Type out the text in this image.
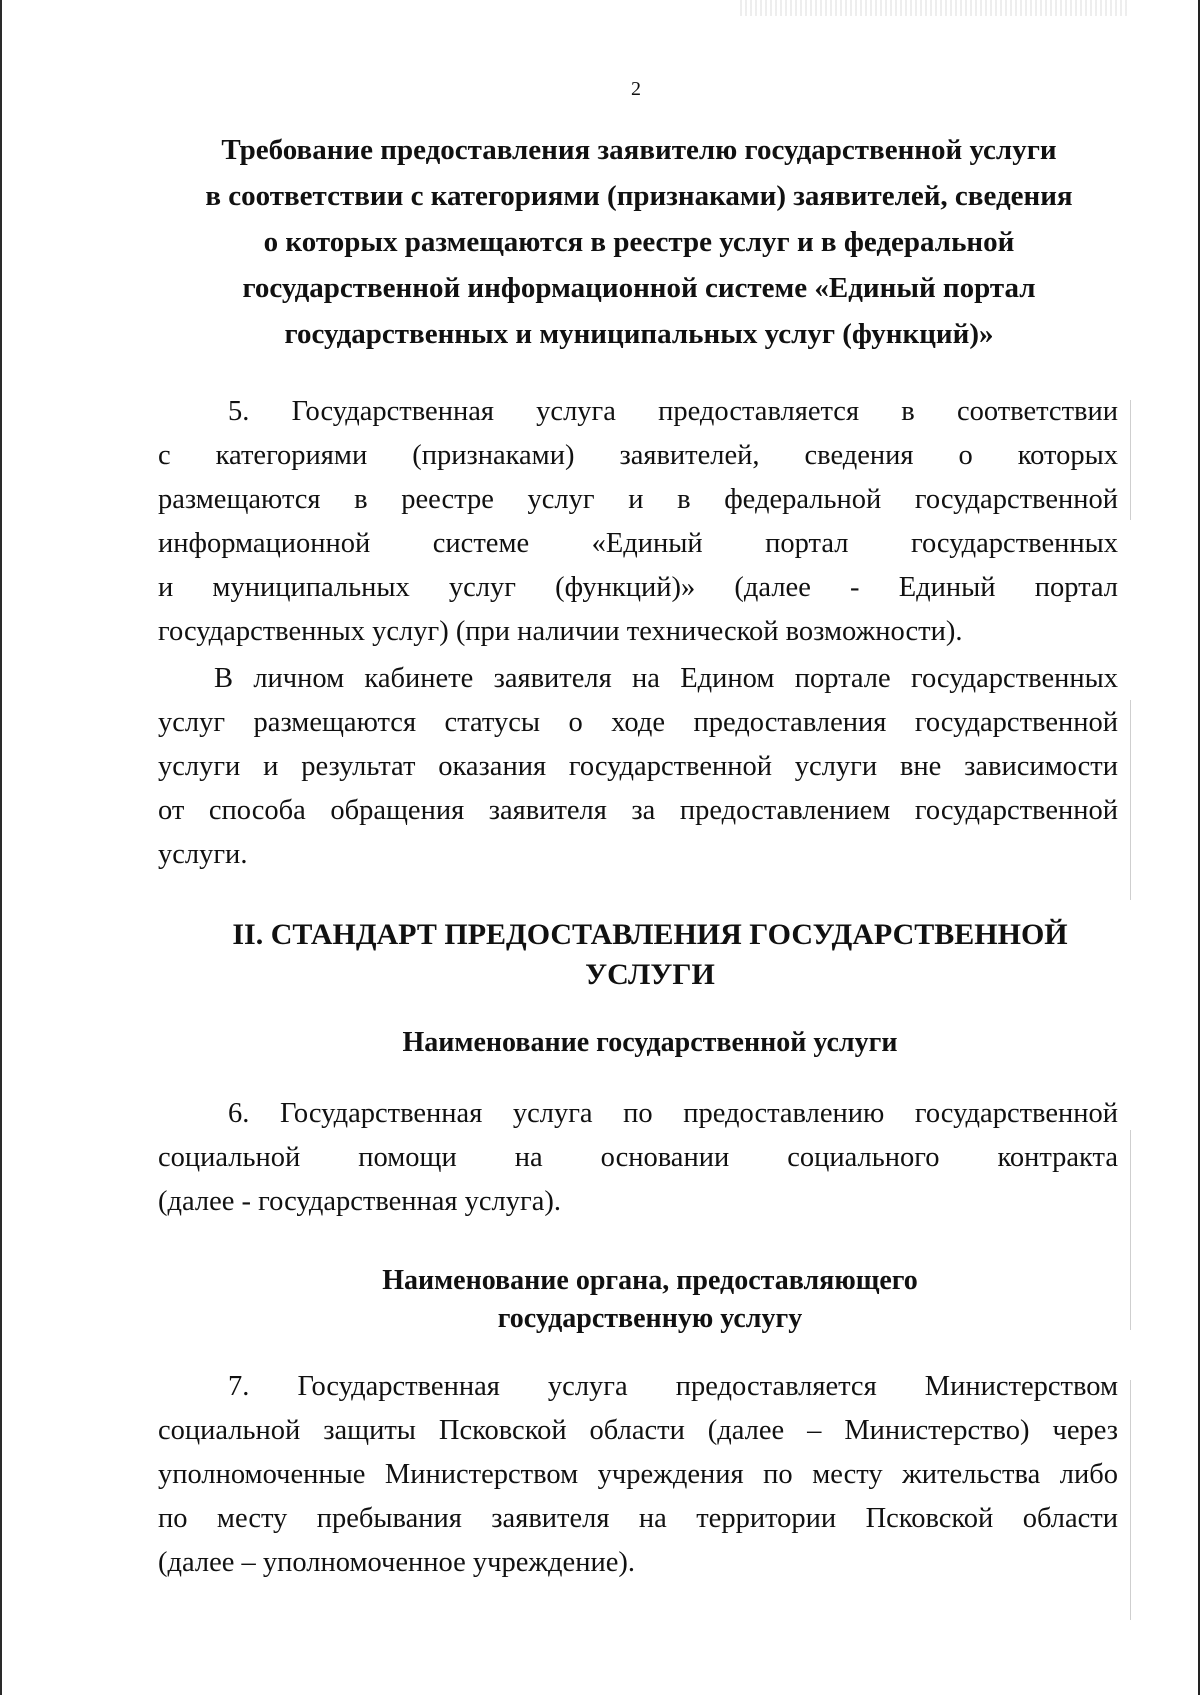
2
Требование предоставления заявителю государственной услуги
в соответствии с категориями (признаками) заявителей, сведения
о которых размещаются в реестре услуг и в федеральной
государственной информационной системе «Единый портал
государственных и муниципальных услуг (функций)»
5. Государственная услуга предоставляется в соответствии
с категориями (признаками) заявителей, сведения о которых
размещаются в реестре услуг и в федеральной государственной
информационной системе «Единый портал государственных
и муниципальных услуг (функций)» (далее - Единый портал
государственных услуг) (при наличии технической возможности).
В личном кабинете заявителя на Едином портале государственных
услуг размещаются статусы о ходе предоставления государственной
услуги и результат оказания государственной услуги вне зависимости
от способа обращения заявителя за предоставлением государственной
услуги.
II. СТАНДАРТ ПРЕДОСТАВЛЕНИЯ ГОСУДАРСТВЕННОЙ
УСЛУГИ
Наименование государственной услуги
6. Государственная услуга по предоставлению государственной
социальной помощи на основании социального контракта
(далее - государственная услуга).
Наименование органа, предоставляющего
государственную услугу
7. Государственная услуга предоставляется Министерством
социальной защиты Псковской области (далее – Министерство) через
уполномоченные Министерством учреждения по месту жительства либо
по месту пребывания заявителя на территории Псковской области
(далее – уполномоченное учреждение).
